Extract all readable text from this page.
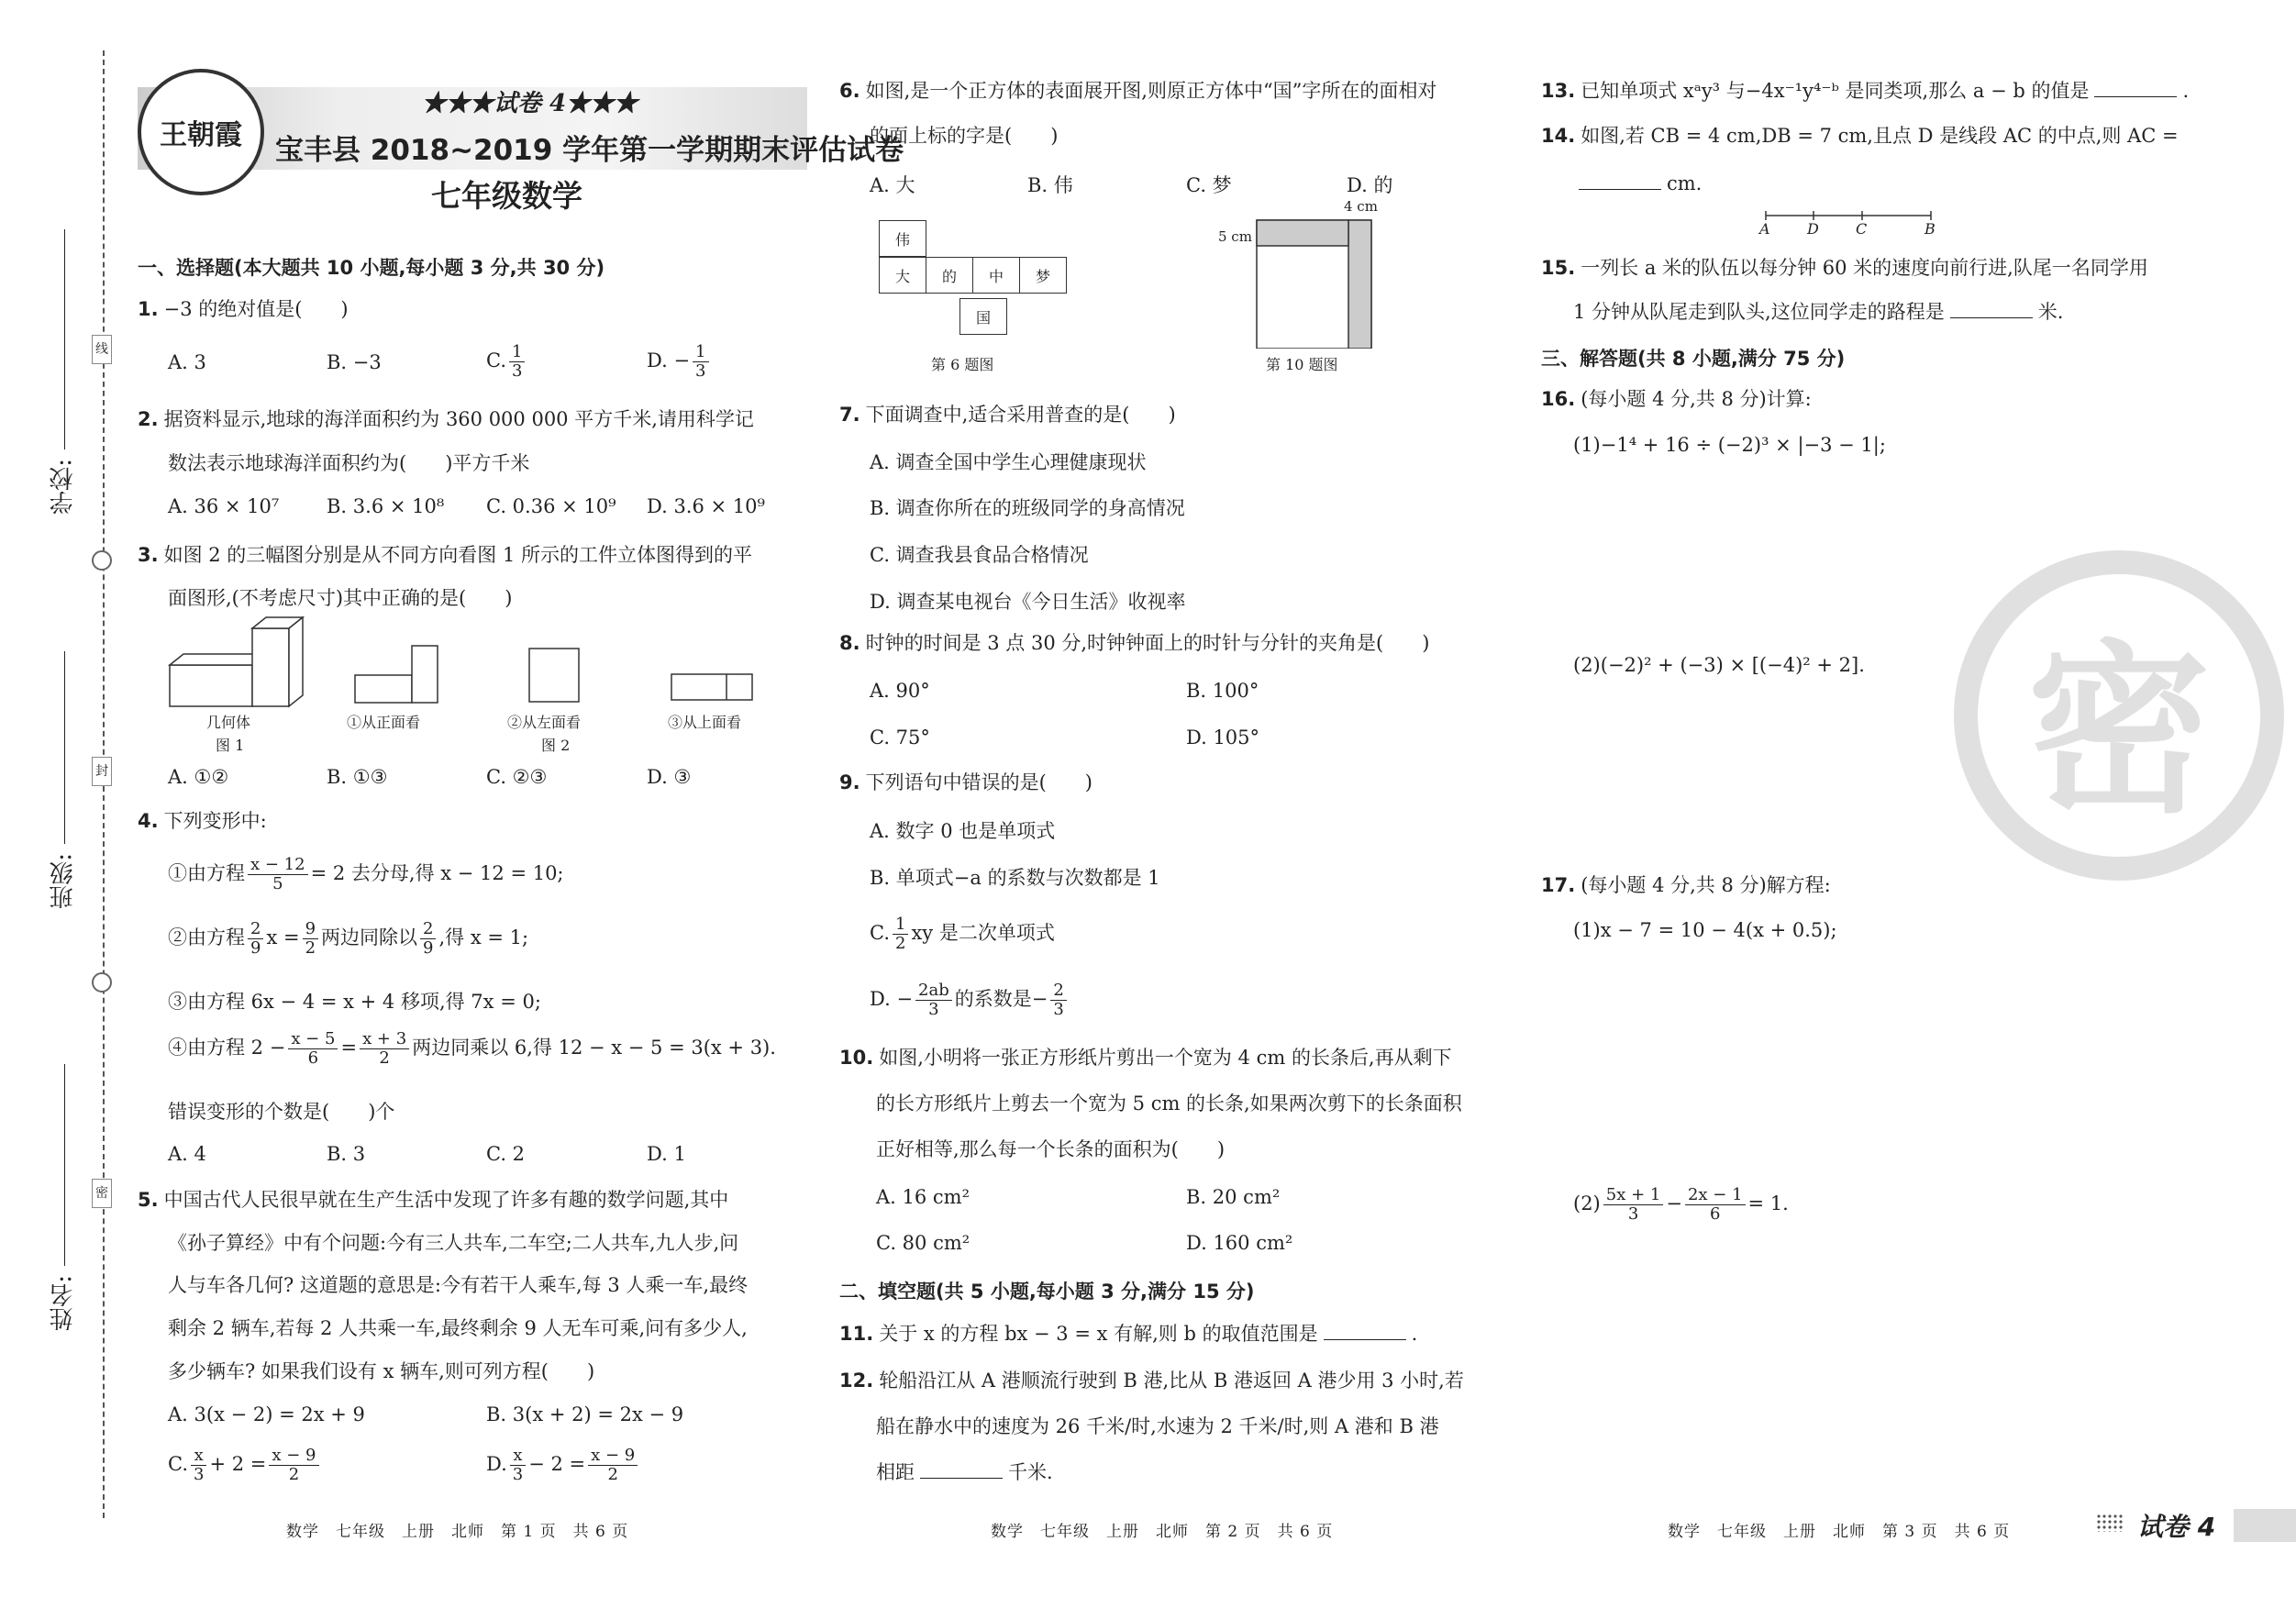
线
封
密
学校:
班级:
姓名:
王朝霞
★★★试卷 4★★★
宝丰县 2018~2019 学年第一学期期末评估试卷
七年级数学
一、选择题(本大题共 10 小题,每小题 3 分,共 30 分)
1. −3 的绝对值是(　　)
A. 3	B. −3	C. $\frac{1}{3}$	D. − $\frac{1}{3}$
2. 据资料显示,地球的海洋面积约为 360 000 000 平方千米,请用科学记
数法表示地球海洋面积约为(　　)平方千米
A. 36 × 10⁷ B. 3.6 × 10⁸ C. 0.36 × 10⁹ D. 3.6 × 10⁹
3. 如图 2 的三幅图分别是从不同方向看图 1 所示的工件立体图得到的平
面图形,(不考虑尺寸)其中正确的是(　　)
几何体
图 1
①从正面看	②从左面看
图 2
③从上面看
A. ①②	B. ①③	C. ②③	D. ③
4. 下列变形中:
①由方程 $\frac{x - 12}{5} = 2$ 去分母,得 x − 12 = 10;
②由方程 $\frac{2}{9}$ $x = \frac{9}{2}$ 两边同除以 $\frac{2}{9}$ ,得 x = 1;
③由方程 6x − 4 = x + 4 移项,得 7x = 0;
④由方程 $2 - \frac{x - 5}{6} = \frac{x + 3}{2}$ 两边同乘以 6,得 12 − x − 5 = 3(x + 3).
错误变形的个数是(　　)个
A. 4	B. 3	C. 2	D. 1
5. 中国古代人民很早就在生产生活中发现了许多有趣的数学问题,其中
《孙子算经》中有个问题:今有三人共车,二车空;二人共车,九人步,问
人与车各几何? 这道题的意思是:今有若干人乘车,每 3 人乘一车,最终
剩余 2 辆车,若每 2 人共乘一车,最终剩余 9 人无车可乘,问有多少人,
多少辆车? 如果我们设有 x 辆车,则可列方程(　　)
A. 3(x − 2) = 2x + 9	B. 3(x + 2) = 2x − 9
C. $\frac{x}{3} + 2 = \frac{x - 9}{2}$	D. $\frac{x}{3} - 2 = \frac{x - 9}{2}$
数学　七年级　上册　北师　第 1 页　共 6 页
6. 如图,是一个正方体的表面展开图,则原正方体中“国”字所在的面相对
的面上标的字是(　　)
A. 大	B. 伟	C. 梦	D. 的
伟
大	的	中	梦
国
第 6 题图
4 cm
5 cm
第 10 题图
7. 下面调查中,适合采用普查的是(　　)
A. 调查全国中学生心理健康现状
B. 调查你所在的班级同学的身高情况
C. 调查我县食品合格情况
D. 调查某电视台《今日生活》收视率
8. 时钟的时间是 3 点 30 分,时钟钟面上的时针与分针的夹角是(　　)
A. 90°	B. 100°
C. 75°	D. 105°
9. 下列语句中错误的是(　　)
A. 数字 0 也是单项式
B. 单项式−a 的系数与次数都是 1
C. $\frac{1}{2}$ xy 是二次单项式
D. − $\frac{2ab}{3}$ 的系数是− $\frac{2}{3}$
10. 如图,小明将一张正方形纸片剪出一个宽为 4 cm 的长条后,再从剩下
的长方形纸片上剪去一个宽为 5 cm 的长条,如果两次剪下的长条面积
正好相等,那么每一个长条的面积为(　　)
A. 16 cm²	B. 20 cm²
C. 80 cm²	D. 160 cm²
二、填空题(共 5 小题,每小题 3 分,满分 15 分)
11. 关于 x 的方程 bx − 3 = x 有解,则 b 的取值范围是	.
12. 轮船沿江从 A 港顺流行驶到 B 港,比从 B 港返回 A 港少用 3 小时,若
船在静水中的速度为 26 千米/时,水速为 2 千米/时,则 A 港和 B 港
相距	千米.
数学　七年级　上册　北师　第 2 页　共 6 页
13. 已知单项式 xᵃy³ 与−4x⁻¹y⁴⁻ᵇ 是同类项,那么 a − b 的值是	.
14. 如图,若 CB = 4 cm,DB = 7 cm,且点 D 是线段 AC 的中点,则 AC =
cm.
A	D	C	B
15. 一列长 a 米的队伍以每分钟 60 米的速度向前行进,队尾一名同学用
1 分钟从队尾走到队头,这位同学走的路程是	米.
三、解答题(共 8 小题,满分 75 分)
16. (每小题 4 分,共 8 分)计算:
(1)−1⁴ + 16 ÷ (−2)³ × |−3 − 1|;
(2)(−2)² + (−3) × [(−4)² + 2].
17. (每小题 4 分,共 8 分)解方程:
(1)x − 7 = 10 − 4(x + 0.5);
$(2) \frac{5x + 1}{3} - \frac{2x - 1}{6} = 1$.
密
数学　七年级　上册　北师　第 3 页　共 6 页	试卷 4
